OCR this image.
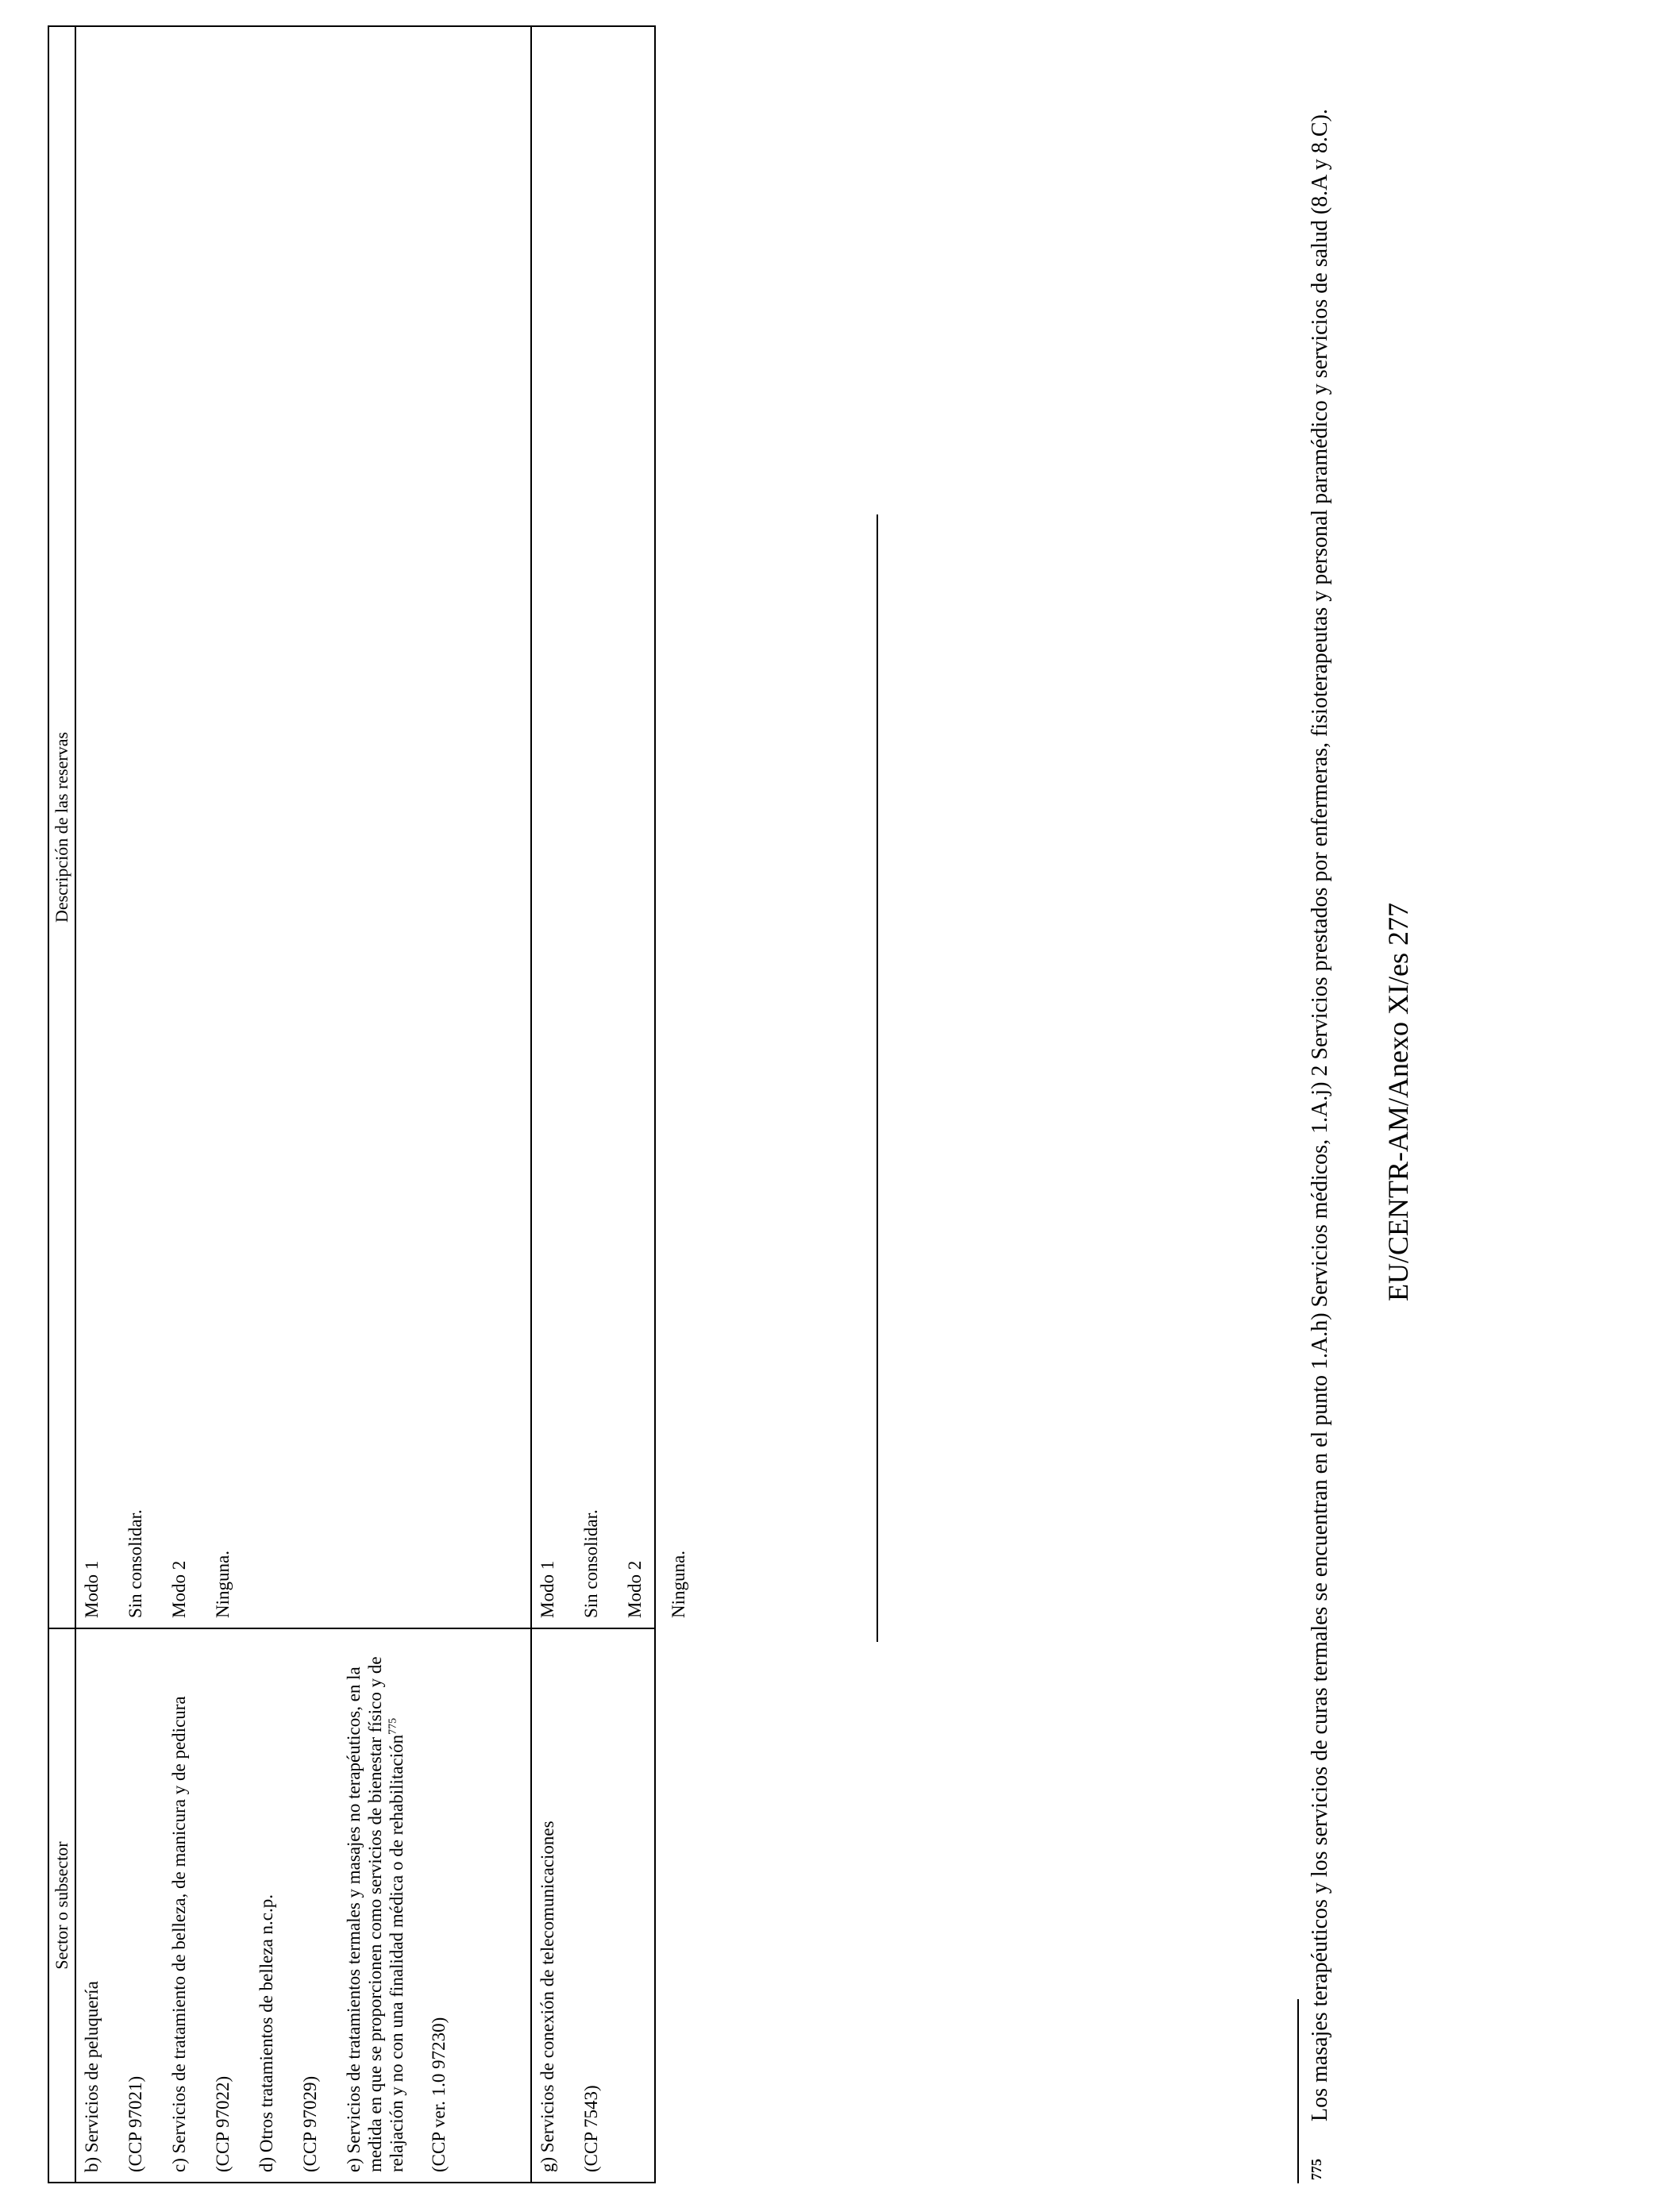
Sector o subsector
Descripción de las reservas

b) Servicios de peluquería (CCP 97021) c) Servicios de tratamiento de belleza, de manicura y de pedicura (CCP 97022) d) Otros tratamientos de belleza n.c.p. (CCP 97029) e) Servicios de tratamientos termales y masajes no terapéuticos, en la medida en que se proporcionen como servicios de bienestar físico y de relajación y no con una finalidad médica o de rehabilitación$^{775}$

(CCP ver. 1.0 97230)

Modo 1 Sin consolidar. Modo 2 Ninguna.

g) Servicios de conexión de telecomunicaciones (CCP 7543)

Modo 1 Sin consolidar. Modo 2 Ninguna.

775
Los masajes terapéuticos y los servicios de curas termales se encuentran en el punto 1.A.h) Servicios médicos, 1.A.j) 2 Servicios prestados por enfermeras, fisioterapeutas y personal paramédico y servicios de salud (8.A y 8.C). EU/CENTR-AM/Anexo XI/es 277
